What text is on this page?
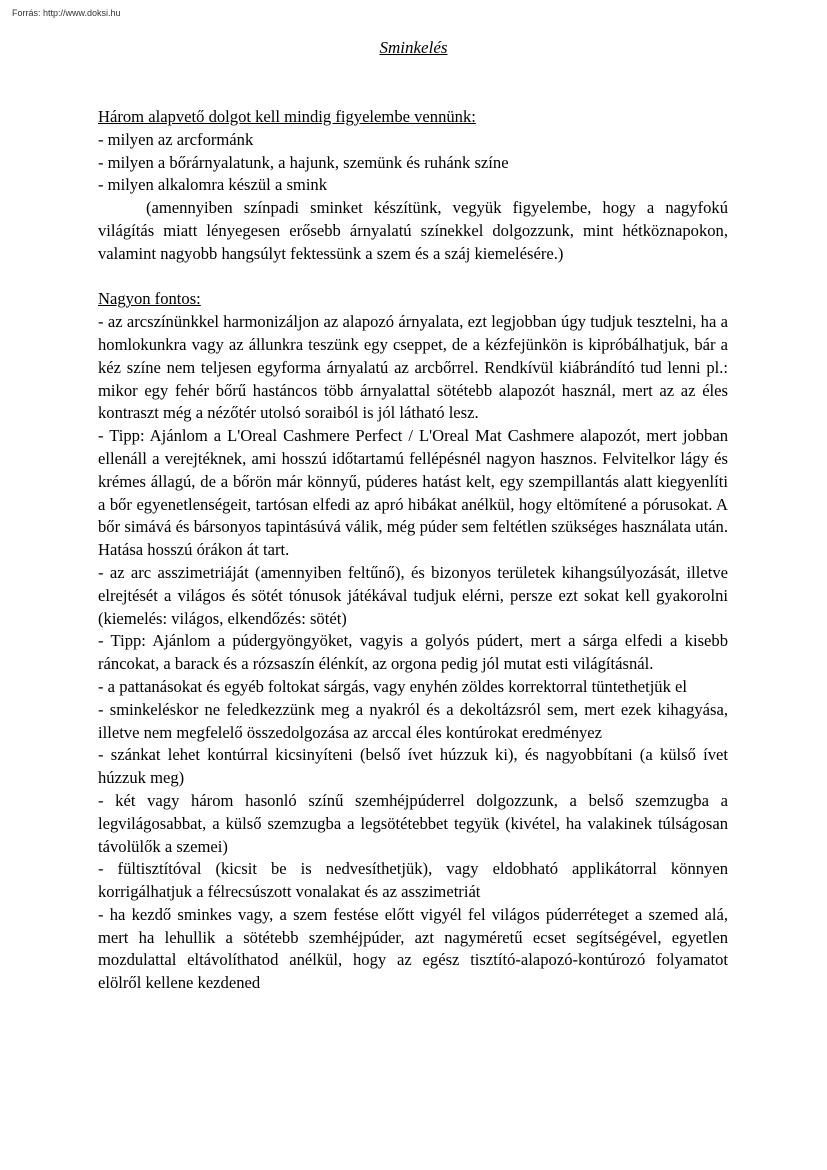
Forrás: http://www.doksi.hu
Sminkelés

Három alapvető dolgot kell mindig figyelembe vennünk:

- milyen az arcformánk

- milyen a bőrárnyalatunk, a hajunk, szemünk és ruhánk színe

- milyen alkalomra készül a smink

(amennyiben színpadi sminket készítünk, vegyük figyelembe, hogy a nagyfokú világítás miatt lényegesen erősebb árnyalatú színekkel dolgozzunk, mint hétköznapokon, valamint nagyobb hangsúlyt fektessünk a szem és a száj kiemelésére.)

Nagyon fontos:

- az arcszínünkkel harmonizáljon az alapozó árnyalata, ezt legjobban úgy tudjuk tesztelni, ha a homlokunkra vagy az állunkra teszünk egy cseppet, de a kézfejünkön is kipróbálhatjuk, bár a kéz színe nem teljesen egyforma árnyalatú az arcbőrrel. Rendkívül kiábrándító tud lenni pl.: mikor egy fehér bőrű hastáncos több árnyalattal sötétebb alapozót használ, mert az az éles kontraszt még a nézőtér utolsó soraiból is jól látható lesz.

- Tipp: Ajánlom a L'Oreal Cashmere Perfect / L'Oreal Mat Cashmere alapozót, mert jobban ellenáll a verejtéknek, ami hosszú időtartamú fellépésnél nagyon hasznos. Felvitelkor lágy és krémes állagú, de a bőrön már könnyű, púderes hatást kelt, egy szempillantás alatt kiegyenlíti a bőr egyenetlenségeit, tartósan elfedi az apró hibákat anélkül, hogy eltömítené a pórusokat. A bőr simává és bársonyos tapintásúvá válik, még púder sem feltétlen szükséges használata után. Hatása hosszú órákon át tart.

- az arc asszimetriáját (amennyiben feltűnő), és bizonyos területek kihangsúlyozását, illetve elrejtését a világos és sötét tónusok játékával tudjuk elérni, persze ezt sokat kell gyakorolni (kiemelés: világos, elkendőzés: sötét)

- Tipp: Ajánlom a púdergyöngyöket, vagyis a golyós púdert, mert a sárga elfedi a kisebb ráncokat, a barack és a rózsaszín élénkít, az orgona pedig jól mutat esti világításnál.

- a pattanásokat és egyéb foltokat sárgás, vagy enyhén zöldes korrektorral tüntethetjük el

- sminkeléskor ne feledkezzünk meg a nyakról és a dekoltázsról sem, mert ezek kihagyása, illetve nem megfelelő összedolgozása az arccal éles kontúrokat eredményez

- szánkat lehet kontúrral kicsinyíteni (belső ívet húzzuk ki), és nagyobbítani (a külső ívet húzzuk meg)

- két vagy három hasonló színű szemhéjpúderrel dolgozzunk, a belső szemzugba a legvilágosabbat, a külső szemzugba a legsötétebbet tegyük (kivétel, ha valakinek túlságosan távolülők a szemei)

- fültisztítóval (kicsit be is nedvesíthetjük), vagy eldobható applikátorral könnyen korrigálhatjuk a félrecsúszott vonalakat és az asszimetriát

- ha kezdő sminkes vagy, a szem festése előtt vigyél fel világos púderréteget a szemed alá, mert ha lehullik a sötétebb szemhéjpúder, azt nagyméretű ecset segítségével, egyetlen mozdulattal eltávolíthatod anélkül, hogy az egész tisztító-alapozó-kontúrozó folyamatot elölről kellene kezdened
